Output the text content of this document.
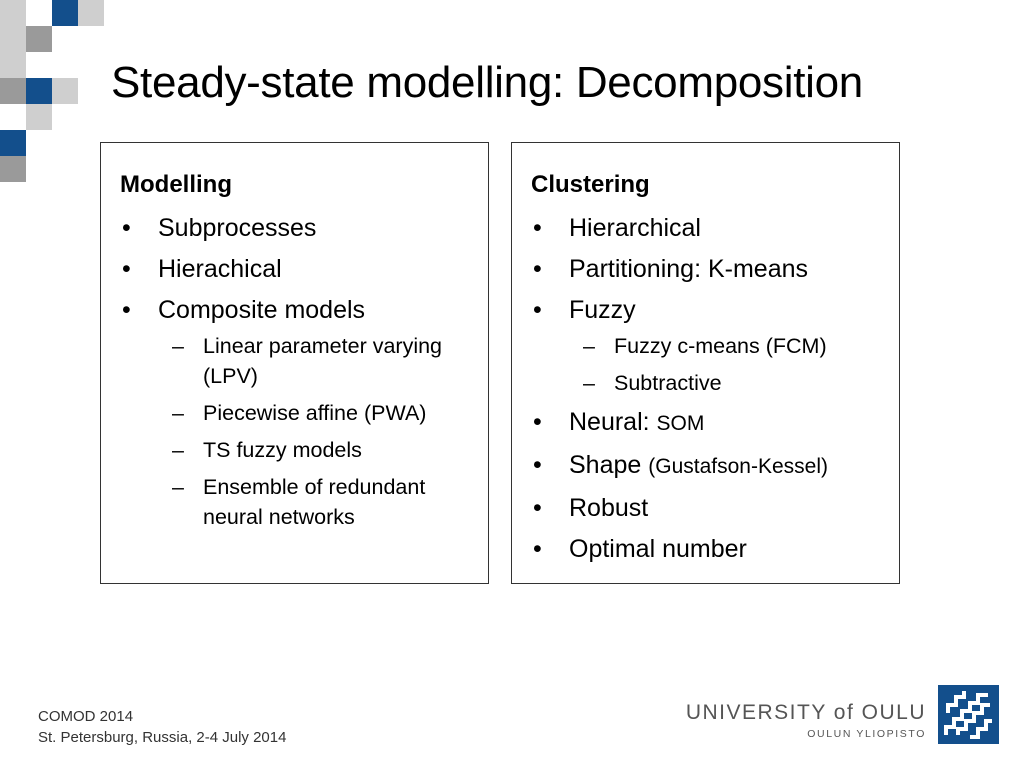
Steady-state modelling: Decomposition
Modelling
• Subprocesses
• Hierachical
• Composite models
– Linear parameter varying (LPV)
– Piecewise affine (PWA)
– TS fuzzy models
– Ensemble of redundant neural networks
Clustering
• Hierarchical
• Partitioning: K-means
• Fuzzy
– Fuzzy c-means (FCM)
– Subtractive
• Neural: SOM
• Shape (Gustafson-Kessel)
• Robust
• Optimal number
COMOD 2014
St. Petersburg, Russia, 2-4 July 2014
UNIVERSITY of OULU
OULUN YLIOPISTO
